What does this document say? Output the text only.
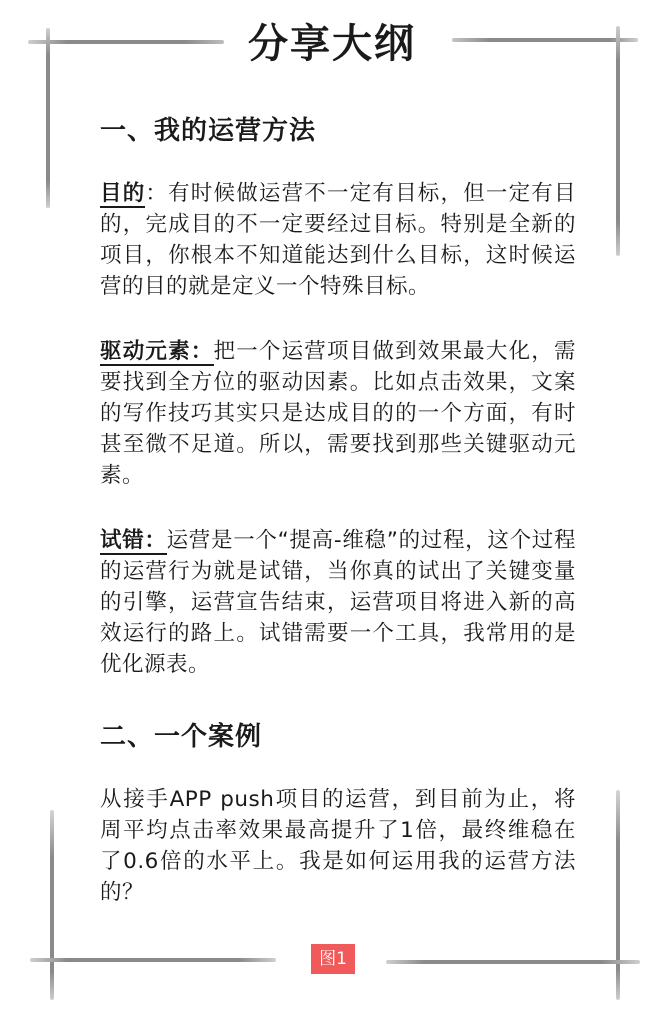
分享大纲
一、我的运营方法

目的：有时候做运营不一定有目标，但一定有目的，完成目的不一定要经过目标。特别是全新的项目，你根本不知道能达到什么目标，这时候运营的目的就是定义一个特殊目标。

驱动元素：把一个运营项目做到效果最大化，需要找到全方位的驱动因素。比如点击效果，文案的写作技巧其实只是达成目的的一个方面，有时甚至微不足道。所以，需要找到那些关键驱动元素。

试错：运营是一个“提高-维稳”的过程，这个过程的运营行为就是试错，当你真的试出了关键变量的引擎，运营宣告结束，运营项目将进入新的高效运行的路上。试错需要一个工具，我常用的是优化源表。

二、一个案例

从接手APP push项目的运营，到目前为止，将周平均点击率效果最高提升了1倍，最终维稳在了0.6倍的水平上。我是如何运用我的运营方法的？

图1
